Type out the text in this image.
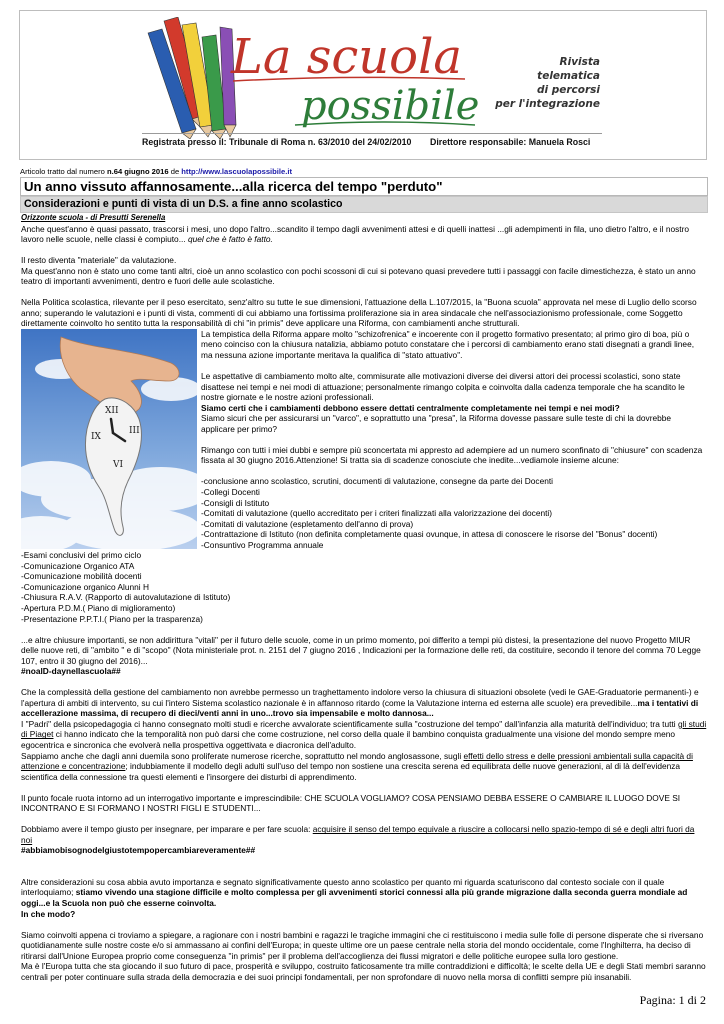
La scuola
possibile
Rivista
telematica
di percorsi
per l'integrazione
Registrata presso il: Tribunale di Roma n. 63/2010 del 24/02/2010 Direttore responsabile: Manuela Rosci
Articolo tratto dal numero n.64 giugno 2016 de http://www.lascuolapossibile.it
Un anno vissuto affannosamente...alla ricerca del tempo "perduto"
Considerazioni e punti di vista di un D.S. a fine anno scolastico

Orizzonte scuola - di Presutti Serenella

Anche quest'anno è quasi passato, trascorsi i mesi, uno dopo l'altro...scandito il tempo dagli avvenimenti attesi e di quelli inattesi ...gli adempimenti in fila, uno dietro l'altro, e il nostro lavoro nelle scuole, nelle classi è compiuto... quel che è fatto è fatto.

Il resto diventa "materiale" da valutazione.

Ma quest'anno non è stato uno come tanti altri, cioè un anno scolastico con pochi scossoni di cui si potevano quasi prevedere tutti i passaggi con facile dimestichezza, è stato un anno teatro di importanti avvenimenti, dentro e fuori delle aule scolastiche.

Nella Politica scolastica, rilevante per il peso esercitato, senz'altro su tutte le sue dimensioni, l'attuazione della L.107/2015, la "Buona scuola" approvata nel mese di Luglio dello scorso anno; superando le valutazioni e i punti di vista, commenti di cui abbiamo una fortissima proliferazione sia in area sindacale che nell'associazionismo professionale, come Soggetto direttamente coinvolto ho sentito tutta la responsabilità di chi "in primis" deve applicare una Riforma, con cambiamenti anche strutturali.

XII
III
IX
VI

La tempistica della Riforma appare molto "schizofrenica" e incoerente con il progetto formativo presentato; al primo giro di boa, più o meno coinciso con la chiusura natalizia, abbiamo potuto constatare che i percorsi di cambiamento erano stati disegnati a grandi linee, ma nessuna azione importante meritava la qualifica di "stato attuativo".

Le aspettative di cambiamento molto alte, commisurate alle motivazioni diverse dei diversi attori dei processi scolastici, sono state disattese nei tempi e nei modi di attuazione; personalmente rimango colpita e coinvolta dalla cadenza temporale che ha scandito le nostre giornate e le nostre azioni professionali.

Siamo certi che i cambiamenti debbono essere dettati centralmente completamente nei tempi e nei modi?

Siamo sicuri che per assicurarsi un "varco", e soprattutto una "presa", la Riforma dovesse passare sulle teste di chi la dovrebbe applicare per primo?

Rimango con tutti i miei dubbi e sempre più sconcertata mi appresto ad adempiere ad un numero sconfinato di "chiusure" con scadenza fissata al 30 giugno 2016.Attenzione! Si tratta sia di scadenze conosciute che inedite...vediamole insieme alcune:

-conclusione anno scolastico, scrutini, documenti di valutazione, consegne da parte dei Docenti

-Collegi Docenti

-Consigli di Istituto

-Comitati di valutazione (quello accreditato per i criteri finalizzati alla valorizzazione dei docenti)

-Comitati di valutazione (espletamento dell'anno di prova)

-Contrattazione di Istituto (non definita completamente quasi ovunque, in attesa di conoscere le risorse del "Bonus" docenti)

-Consuntivo Programma annuale

-Esami conclusivi del primo ciclo

-Comunicazione Organico ATA

-Comunicazione mobilità docenti

-Comunicazione organico Alunni H

-Chiusura R.A.V. (Rapporto di autovalutazione di Istituto)

-Apertura P.D.M.( Piano di miglioramento)

-Presentazione P.P.T.I.( Piano per la trasparenza)

...e altre chiusure importanti, se non addirittura "vitali" per il futuro delle scuole, come in un primo momento, poi differito a tempi più distesi, la presentazione del nuovo Progetto MIUR delle nuove reti, di "ambito " e di "scopo" (Nota ministeriale prot. n. 2151 del 7 giugno 2016 , Indicazioni per la formazione delle reti, da costituire, secondo il tenore del comma 70 Legge 107, entro il 30 giugno del 2016)...

#noalD-daynellascuola##

Che la complessità della gestione del cambiamento non avrebbe permesso un traghettamento indolore verso la chiusura di situazioni obsolete (vedi le GAE-Graduatorie permanenti-) e l'apertura di ambiti di intervento, su cui l'intero Sistema scolastico nazionale è in affannoso ritardo (come la Valutazione interna ed esterna alle scuole) era prevedibile...ma i tentativi di accellerazione massima, di recupero di dieci/venti anni in uno...trovo sia impensabile e molto dannosa...

I "Padri" della psicopedagogia ci hanno consegnato molti studi e ricerche avvalorate scientificamente sulla "costruzione del tempo" dall'infanzia alla maturità dell'individuo; tra tutti gli studi di Piaget ci hanno indicato che la temporalità non può darsi che come costruzione, nel corso della quale il bambino conquista gradualmente una visione del mondo sempre meno egocentrica e sincronica che evolverà nella prospettiva oggettivata e diacronica dell'adulto.

Sappiamo anche che dagli anni duemila sono proliferate numerose ricerche, soprattutto nel mondo anglosassone, sugli effetti dello stress e delle pressioni ambientali sulla capacità di attenzione e concentrazione; indubbiamente il modello degli adulti sull'uso del tempo non sostiene una crescita serena ed equilibrata delle nuove generazioni, al di là dell'evidenza scientifica della connessione tra questi elementi e l'insorgere dei disturbi di apprendimento.

Il punto focale ruota intorno ad un interrogativo importante e imprescindibile: CHE SCUOLA VOGLIAMO? COSA PENSIAMO DEBBA ESSERE O CAMBIARE IL LUOGO DOVE SI INCONTRANO E SI FORMANO I NOSTRI FIGLI E STUDENTI...

Dobbiamo avere il tempo giusto per insegnare, per imparare e per fare scuola: acquisire il senso del tempo equivale a riuscire a collocarsi nello spazio-tempo di sé e degli altri fuori da noi

#abbiamobisognodelgiustotempopercambiareveramente##

Altre considerazioni su cosa abbia avuto importanza e segnato significativamente questo anno scolastico per quanto mi riguarda scaturiscono dal contesto sociale con il quale interloquiamo; stiamo vivendo una stagione difficile e molto complessa per gli avvenimenti storici connessi alla più grande migrazione dalla seconda guerra mondiale ad oggi...e la Scuola non può che esserne coinvolta.

In che modo?

Siamo coinvolti appena ci troviamo a spiegare, a ragionare con i nostri bambini e ragazzi le tragiche immagini che ci restituiscono i media sulle folle di persone disperate che si riversano quotidianamente sulle nostre coste e/o si ammassano ai confini dell'Europa; in queste ultime ore un paese centrale nella storia del mondo occidentale, come l'Inghilterra, ha deciso di ritirarsi dall'Unione Europea proprio come conseguenza "in primis" per il problema dell'accoglienza dei flussi migratori e delle politiche europee sulla loro gestione.

Ma è l'Europa tutta che sta giocando il suo futuro di pace, prosperità e sviluppo, costruito faticosamente tra mille contraddizioni e difficoltà; le scelte della UE e degli Stati membri saranno centrali per poter continuare sulla strada della democrazia e dei suoi principi fondamentali, per non sprofondare di nuovo nella morsa di conflitti sempre più insanabili.

Pagina: 1 di 2
